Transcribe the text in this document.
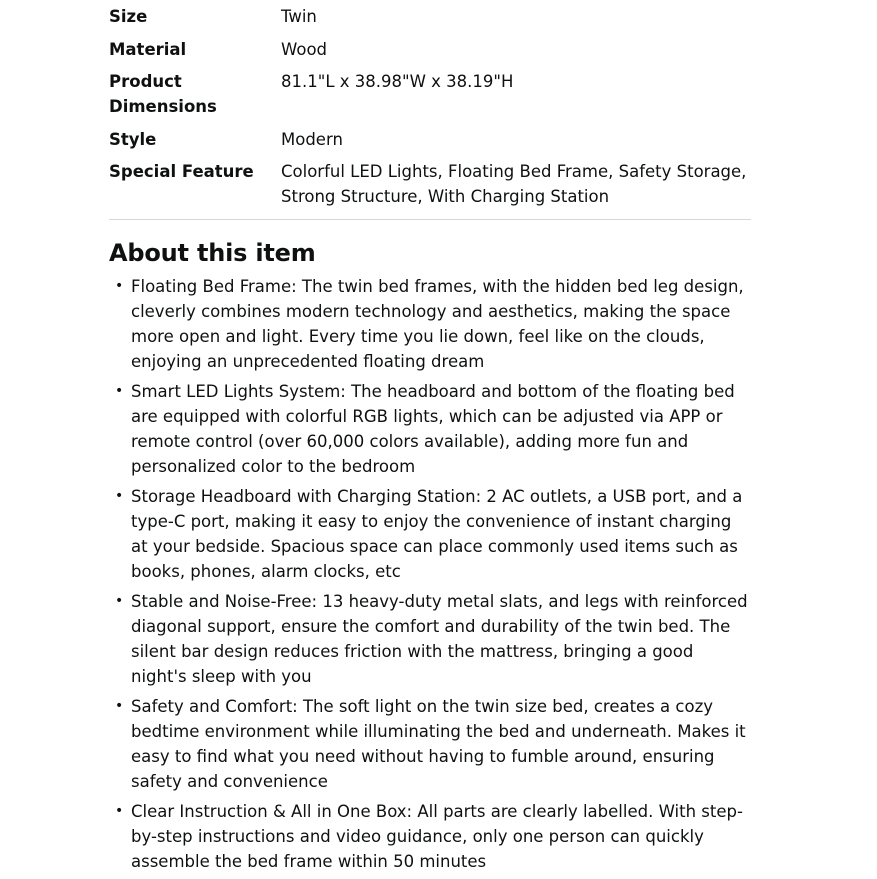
Size	Twin
Material	Wood
Product Dimensions	81.1"L x 38.98"W x 38.19"H
Style	Modern
Special Feature	Colorful LED Lights, Floating Bed Frame, Safety Storage, Strong Structure, With Charging Station
About this item
• Floating Bed Frame: The twin bed frames, with the hidden bed leg design, cleverly combines modern technology and aesthetics, making the space more open and light. Every time you lie down, feel like on the clouds, enjoying an unprecedented floating dream
• Smart LED Lights System: The headboard and bottom of the floating bed are equipped with colorful RGB lights, which can be adjusted via APP or remote control (over 60,000 colors available), adding more fun and personalized color to the bedroom
• Storage Headboard with Charging Station: 2 AC outlets, a USB port, and a type-C port, making it easy to enjoy the convenience of instant charging at your bedside. Spacious space can place commonly used items such as books, phones, alarm clocks, etc
• Stable and Noise-Free: 13 heavy-duty metal slats, and legs with reinforced diagonal support, ensure the comfort and durability of the twin bed. The silent bar design reduces friction with the mattress, bringing a good night's sleep with you
• Safety and Comfort: The soft light on the twin size bed, creates a cozy bedtime environment while illuminating the bed and underneath. Makes it easy to find what you need without having to fumble around, ensuring safety and convenience
• Clear Instruction & All in One Box: All parts are clearly labelled. With step-by-step instructions and video guidance, only one person can quickly assemble the bed frame within 50 minutes
